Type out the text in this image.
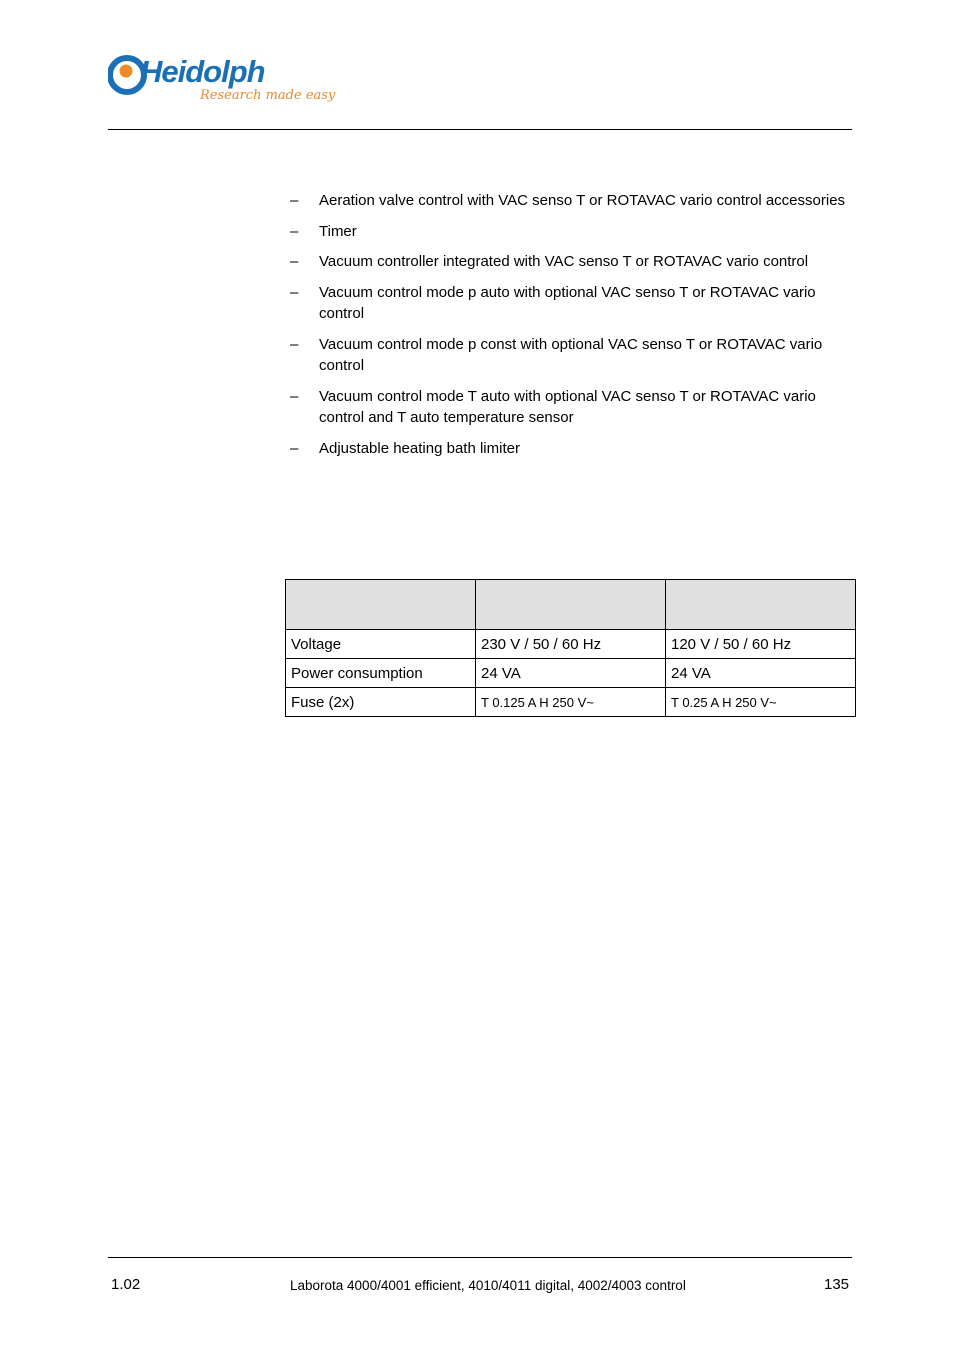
Heidolph
Research made easy
– Aeration valve control with VAC senso T or ROTAVAC vario control accessories
– Timer
– Vacuum controller integrated with VAC senso T or ROTAVAC vario control
– Vacuum control mode p auto with optional VAC senso T or ROTAVAC vario control
– Vacuum control mode p const with optional VAC senso T or ROTAVAC vario control
– Vacuum control mode T auto with optional VAC senso T or ROTAVAC vario control and T auto temperature sensor
– Adjustable heating bath limiter

Voltage	230 V / 50 / 60 Hz	120 V / 50 / 60 Hz
Power consumption	24 VA	24 VA
Fuse (2x)	T 0.125 A H 250 V~	T 0.25 A H 250 V~
1.02	Laborota 4000/4001 efficient, 4010/4011 digital, 4002/4003 control	135
